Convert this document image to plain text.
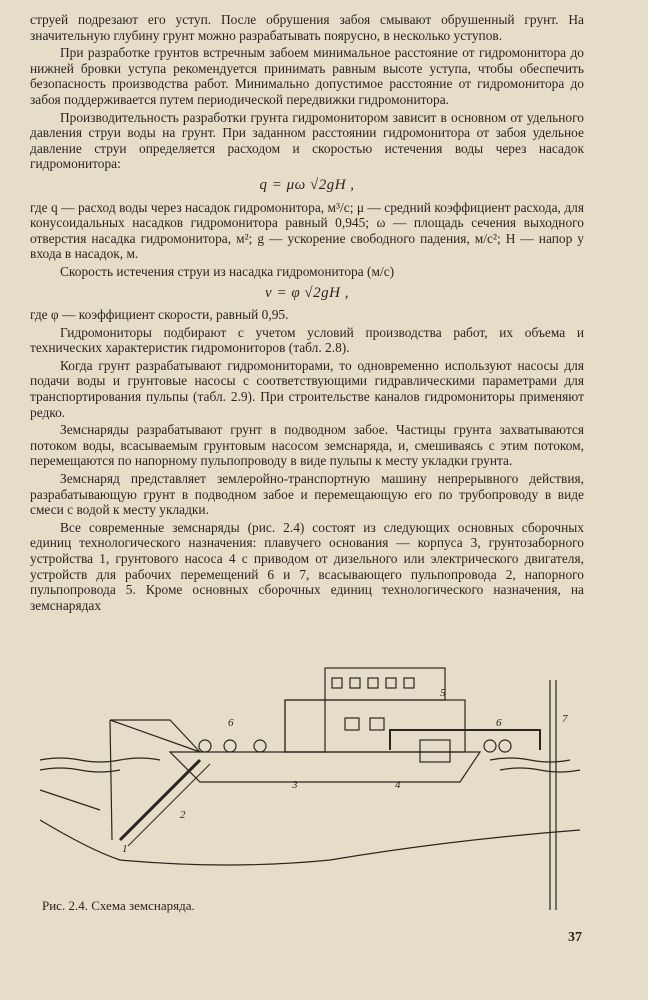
струей подрезают его уступ. После обрушения забоя смывают обрушенный грунт. На значительную глубину грунт можно разрабатывать поярусно, в несколько уступов.

При разработке грунтов встречным забоем минимальное расстояние от гидромонитора до нижней бровки уступа рекомендуется принимать равным высоте уступа, чтобы обеспечить безопасность производства работ. Минимально допустимое расстояние от гидромонитора до забоя поддерживается путем периодической передвижки гидромонитора.

Производительность разработки грунта гидромонитором зависит в основном от удельного давления струи воды на грунт. При заданном расстоянии гидромонитора от забоя удельное давление струи определяется расходом и скоростью истечения воды через насадок гидромонитора:

q = μω √2gH ,

где q — расход воды через насадок гидромонитора, м³/с; μ — средний коэффициент расхода, для конусоидальных насадков гидромонитора равный 0,945; ω — площадь сечения выходного отверстия насадка гидромонитора, м²; g — ускорение свободного падения, м/с²; H — напор у входа в насадок, м.

Скорость истечения струи из насадка гидромонитора (м/с)

v = φ √2gH ,

где φ — коэффициент скорости, равный 0,95.

Гидромониторы подбирают с учетом условий производства работ, их объема и технических характеристик гидромониторов (табл. 2.8).

Когда грунт разрабатывают гидромониторами, то одновременно используют насосы для подачи воды и грунтовые насосы с соответствующими гидравлическими параметрами для транспортирования пульпы (табл. 2.9). При строительстве каналов гидромониторы применяют редко.

Земснаряды разрабатывают грунт в подводном забое. Частицы грунта захватываются потоком воды, всасываемым грунтовым насосом земснаряда, и, смешиваясь с этим потоком, перемещаются по напорному пульпопроводу в виде пульпы к месту укладки грунта.

Земснаряд представляет землеройно-транспортную машину непрерывного действия, разрабатывающую грунт в подводном забое и перемещающую его по трубопроводу в виде смеси с водой к месту укладки.

Все современные земснаряды (рис. 2.4) состоят из следующих основных сборочных единиц технологического назначения: плавучего основания — корпуса 3, грунтозаборного устройства 1, грунтового насоса 4 с приводом от дизельного или электрического двигателя, устройств для рабочих перемещений 6 и 7, всасывающего пульпопровода 2, напорного пульпопровода 5. Кроме основных сборочных единиц технологического назначения, на земснарядах

1
2
3	4
5
6	6	7
Рис. 2.4. Схема земснаряда.
37
